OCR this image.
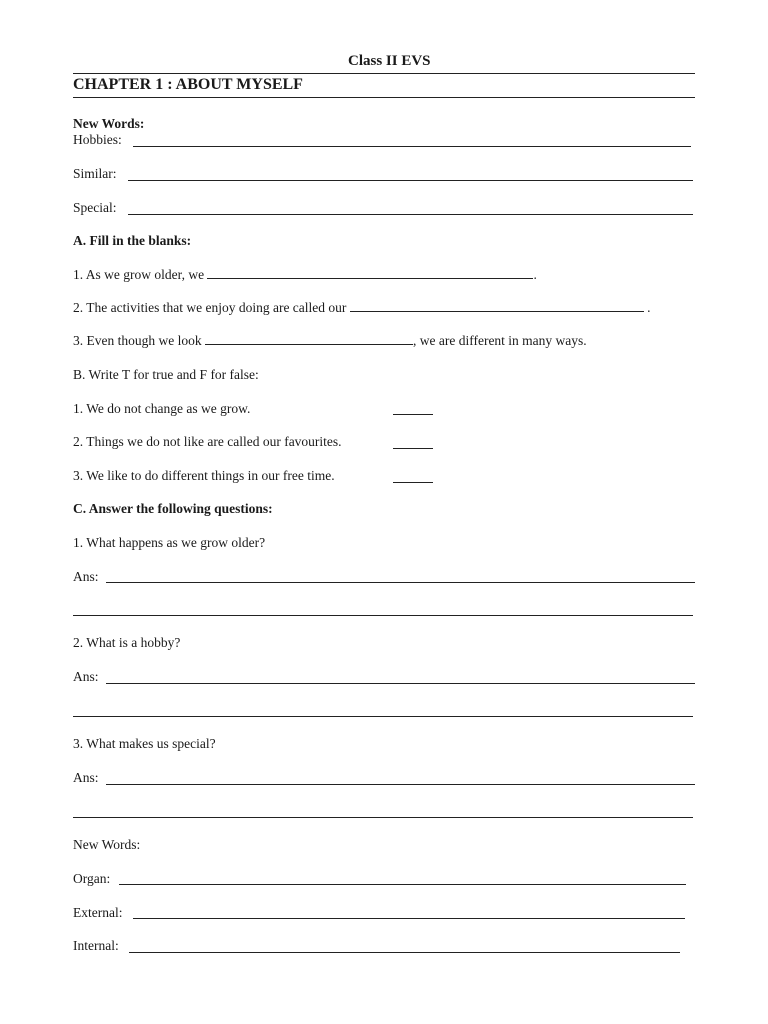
Class II EVS
CHAPTER 1 : ABOUT MYSELF
New Words:
Hobbies:
Similar:
Special:
A. Fill in the blanks:
1. As we grow older, we	.
2. The activities that we enjoy doing are called our	.
3. Even though we look	, we are different in many ways.
B. Write T for true and F for false:
1. We do not change as we grow.
2. Things we do not like are called our favourites.
3. We like to do different things in our free time.
C. Answer the following questions:
1. What happens as we grow older?
Ans:
2. What is a hobby?
Ans:
3. What makes us special?
Ans:
New Words:
Organ:
External:
Internal:
